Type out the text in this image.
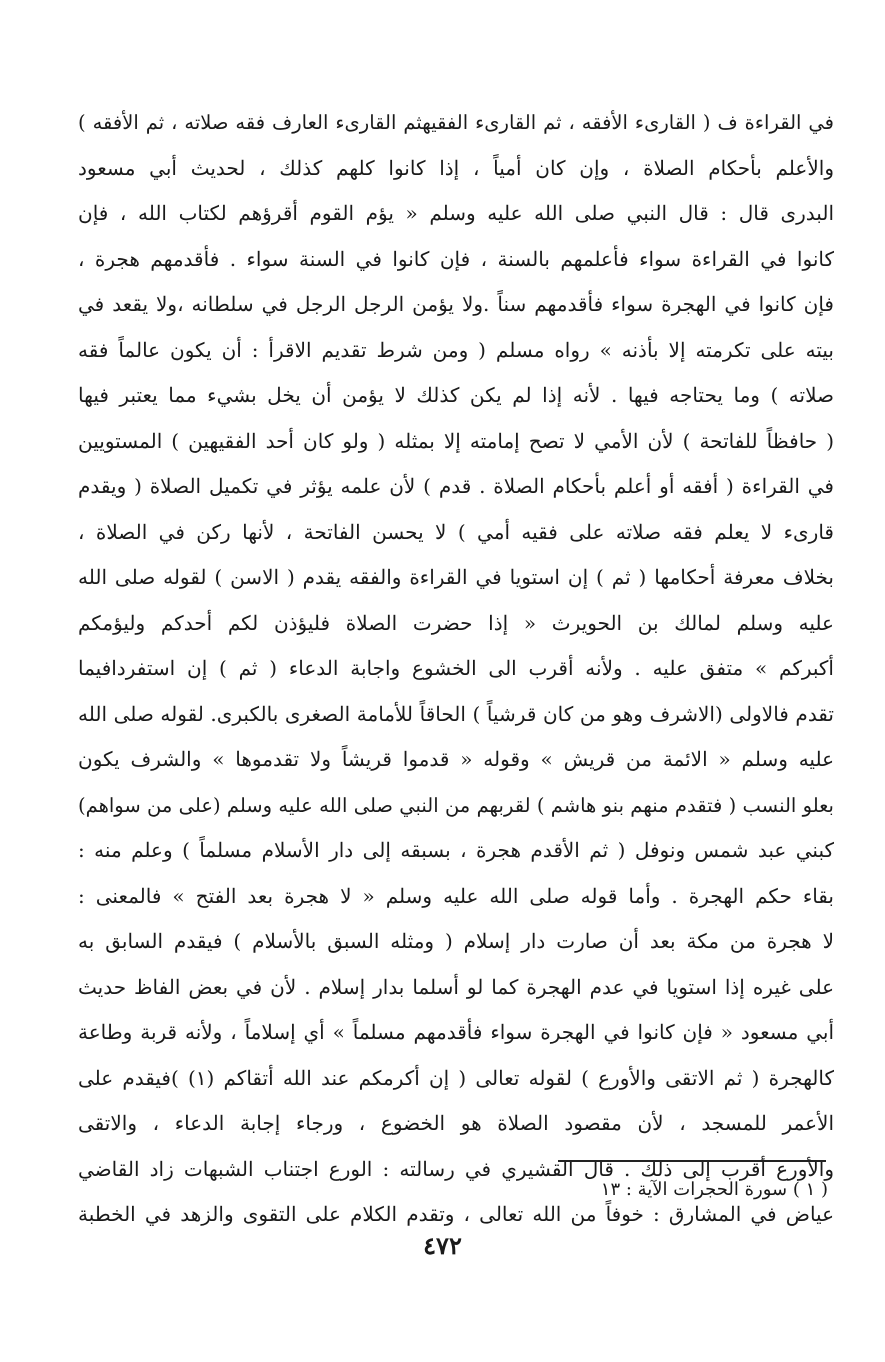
في القراءة ف ( القارىء الأفقه ، ثم القارىء الفقيهثم القارىء العارف فقه صلاته ، ثم الأفقه )
والأعلم بأحكام الصلاة ، وإن كان أمياً ، إذا كانوا كلهم كذلك ، لحديث أبي مسعود
البدرى قال : قال النبي صلى الله عليه وسلم « يؤم القوم أقرؤهم لكتاب الله ، فإن
كانوا في القراءة سواء فأعلمهم بالسنة ، فإن كانوا في السنة سواء . فأقدمهم هجرة ،
فإن كانوا في الهجرة سواء فأقدمهم سناً .ولا يؤمن الرجل الرجل في سلطانه ،ولا يقعد في
بيته على تكرمته إلا بأذنه » رواه مسلم ( ومن شرط تقديم الاقرأ : أن يكون عالماً فقه
صلاته ) وما يحتاجه فيها . لأنه إذا لم يكن كذلك لا يؤمن أن يخل بشيء مما يعتبر فيها
( حافظاً للفاتحة ) لأن الأمي لا تصح إمامته إلا بمثله ( ولو كان أحد الفقيهين ) المستويين
في القراءة ( أفقه أو أعلم بأحكام الصلاة . قدم ) لأن علمه يؤثر في تكميل الصلاة ( ويقدم
قارىء لا يعلم فقه صلاته على فقيه أمي ) لا يحسن الفاتحة ، لأنها ركن في الصلاة ،
بخلاف معرفة أحكامها ( ثم ) إن استويا في القراءة والفقه يقدم ( الاسن ) لقوله صلى الله
عليه وسلم لمالك بن الحويرث « إذا حضرت الصلاة فليؤذن لكم أحدكم وليؤمكم
أكبركم » متفق عليه . ولأنه أقرب الى الخشوع واجابة الدعاء ( ثم ) إن استفردافيما
تقدم فالاولى (الاشرف وهو من كان قرشياً ) الحاقاً للأمامة الصغرى بالكبرى. لقوله صلى الله
عليه وسلم « الائمة من قريش » وقوله « قدموا قريشاً ولا تقدموها » والشرف يكون
بعلو النسب ( فتقدم منهم بنو هاشم ) لقربهم من النبي صلى الله عليه وسلم (على من سواهم)
كبني عبد شمس ونوفل ( ثم الأقدم هجرة ، بسبقه إلى دار الأسلام مسلماً ) وعلم منه :
بقاء حكم الهجرة . وأما قوله صلى الله عليه وسلم « لا هجرة بعد الفتح » فالمعنى :
لا هجرة من مكة بعد أن صارت دار إسلام ( ومثله السبق بالأسلام ) فيقدم السابق به
على غيره إذا استويا في عدم الهجرة كما لو أسلما بدار إسلام . لأن في بعض الفاظ حديث
أبي مسعود « فإن كانوا في الهجرة سواء فأقدمهم مسلماً » أي إسلاماً ، ولأنه قربة وطاعة
كالهجرة ( ثم الاتقى والأورع ) لقوله تعالى ( إن أكرمكم عند الله أتقاكم (١) )فيقدم على
الأعمر للمسجد ، لأن مقصود الصلاة هو الخضوع ، ورجاء إجابة الدعاء ، والاتقى
والأورع أقرب إلى ذلك . قال القشيري في رسالته : الورع اجتناب الشبهات زاد القاضي
عياض في المشارق : خوفاً من الله تعالى ، وتقدم الكلام على التقوى والزهد في الخطبة
( ١ ) سورة الحجرات الآية : ١٣
٤٧٢
